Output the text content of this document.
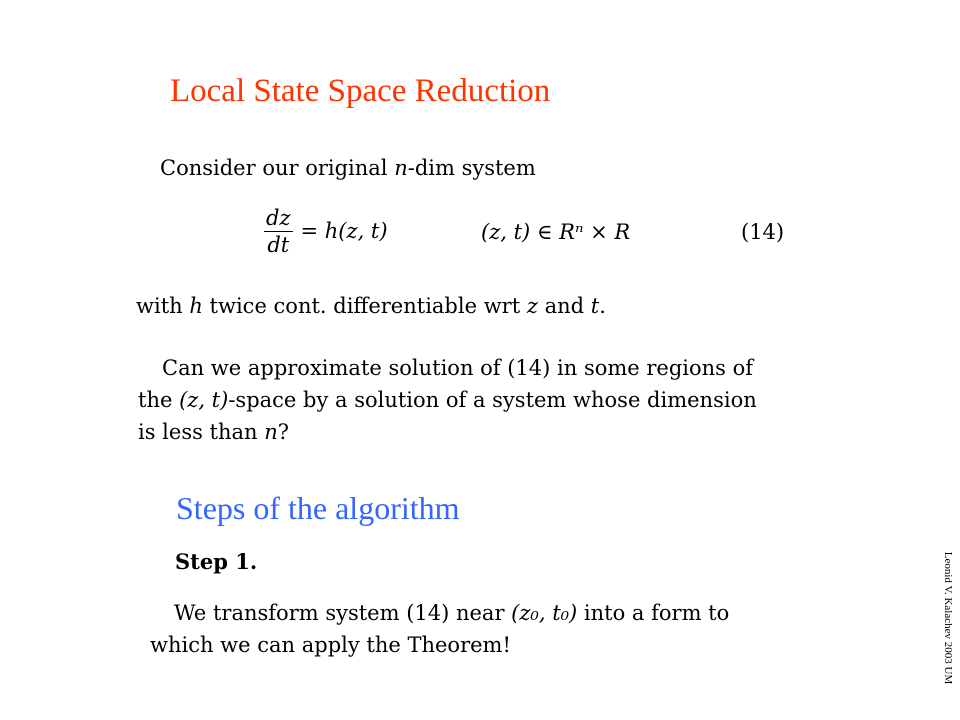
Local State Space Reduction
Consider our original n-dim system
$\frac{dz}{dt} = h(z$, t)	(z, t) ∈ Rⁿ × R	(14)
with h twice cont. differentiable wrt z and t.
Can we approximate solution of (14) in some regions of
the (z, t)-space by a solution of a system whose dimension
is less than n?
Steps of the algorithm
Step 1.
We transform system (14) near (z₀, t₀) into a form to
which we can apply the Theorem!	Leonid V. Kalachev 2003 UM
